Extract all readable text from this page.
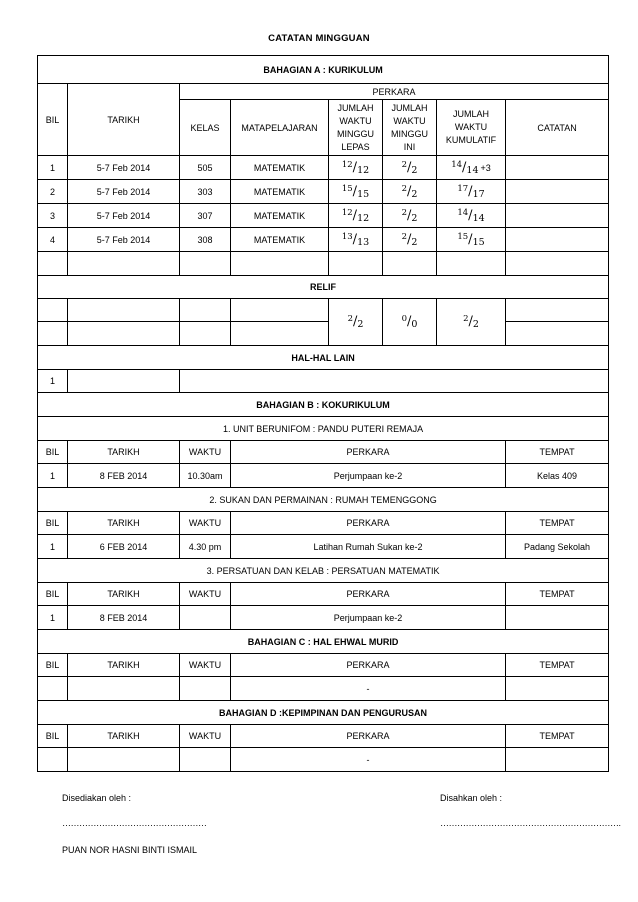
CATATAN MINGGUAN
BAHAGIAN A : KURIKULUM							
BIL	TARIKH	PERKARA					
		KELAS	MATAPELAJARAN	JUMLAH
WAKTU
MINGGU
LEPAS	JUMLAH
WAKTU
MINGGU
INI	JUMLAH
WAKTU
KUMULATIF	CATATAN
1	5-7 Feb 2014	505	MATEMATIK	$^{12}/_{12}$	$^2/_2$	$^{14}/_{14} +3$	
2	5-7 Feb 2014	303	MATEMATIK	$^{15}/_{15}$	$^2/_2$	$^{17}/_{17}$	
3	5-7 Feb 2014	307	MATEMATIK	$^{12}/_{12}$	$^2/_2$	$^{14}/_{14}$	
4	5-7 Feb 2014	308	MATEMATIK	$^{13}/_{13}$	$^2/_2$	$^{15}/_{15}$	

RELIF							
				$^2/_2$	$^0/_0$	$^2/_2$	

HAL-HAL LAIN							
1							
BAHAGIAN B : KOKURIKULUM							
1. UNIT BERUNIFOM : PANDU PUTERI REMAJA							
BIL	TARIKH	WAKTU	PERKARA				TEMPAT
1	8 FEB 2014	10.30am	Perjumpaan ke-2				Kelas 409
2. SUKAN DAN PERMAINAN : RUMAH TEMENGGONG							
BIL	TARIKH	WAKTU	PERKARA				TEMPAT
1	6 FEB 2014	4.30 pm	Latihan Rumah Sukan ke-2				Padang Sekolah
3. PERSATUAN DAN KELAB : PERSATUAN MATEMATIK							
BIL	TARIKH	WAKTU	PERKARA				TEMPAT
1	8 FEB 2014		Perjumpaan ke-2				
BAHAGIAN C : HAL EHWAL MURID							
BIL	TARIKH	WAKTU	PERKARA				TEMPAT
			-				
BAHAGIAN D :KEPIMPINAN DAN PENGURUSAN							
BIL	TARIKH	WAKTU	PERKARA				TEMPAT
			-				
Disediakan oleh :	Disahkan oleh :
……………………………………………	……………………………………………………….
PUAN NOR HASNI BINTI ISMAIL
